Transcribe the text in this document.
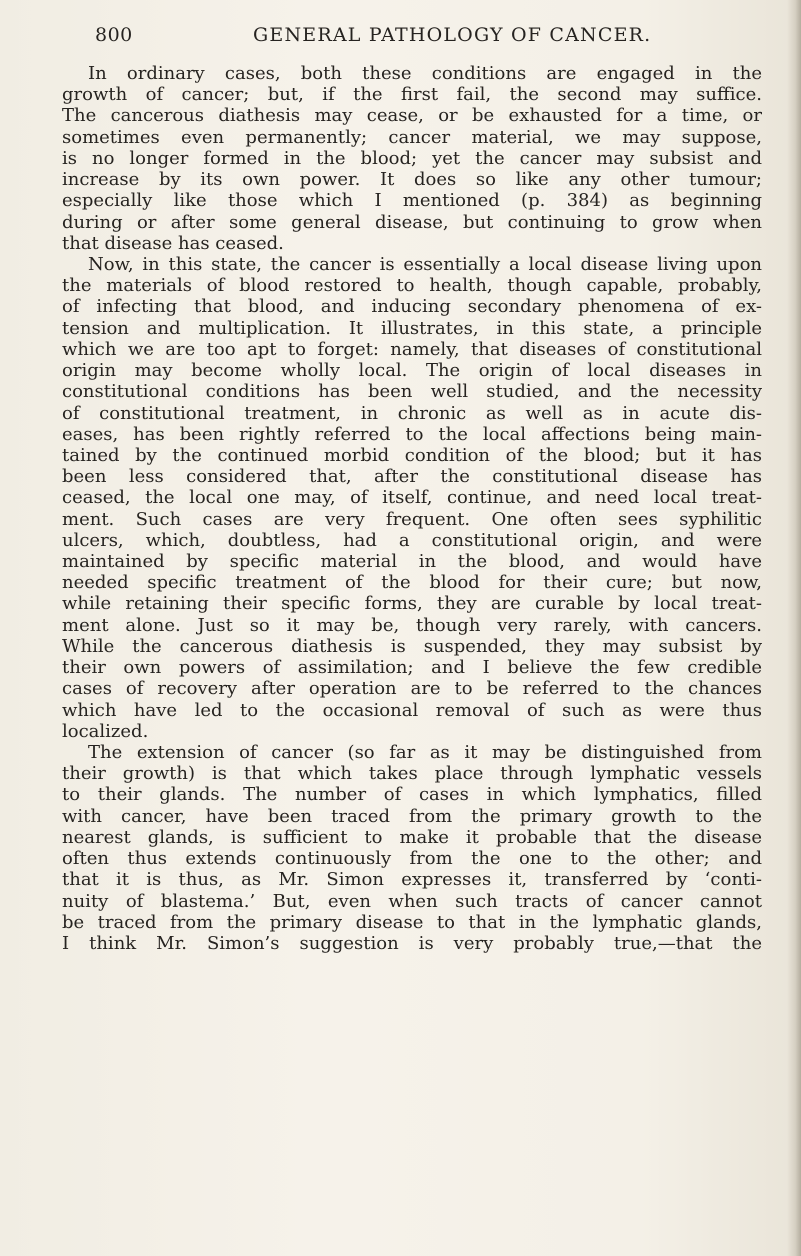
800	GENERAL PATHOLOGY OF CANCER.
In ordinary cases, both these conditions are engaged in the
growth of cancer; but, if the first fail, the second may suffice.
The cancerous diathesis may cease, or be exhausted for a time, or
sometimes even permanently; cancer material, we may suppose,
is no longer formed in the blood; yet the cancer may subsist and
increase by its own power. It does so like any other tumour;
especially like those which I mentioned (p. 384) as beginning
during or after some general disease, but continuing to grow when
that disease has ceased.
Now, in this state, the cancer is essentially a local disease living upon
the materials of blood restored to health, though capable, probably,
of infecting that blood, and inducing secondary phenomena of ex-
tension and multiplication. It illustrates, in this state, a principle
which we are too apt to forget: namely, that diseases of constitutional
origin may become wholly local. The origin of local diseases in
constitutional conditions has been well studied, and the necessity
of constitutional treatment, in chronic as well as in acute dis-
eases, has been rightly referred to the local affections being main-
tained by the continued morbid condition of the blood; but it has
been less considered that, after the constitutional disease has
ceased, the local one may, of itself, continue, and need local treat-
ment. Such cases are very frequent. One often sees syphilitic
ulcers, which, doubtless, had a constitutional origin, and were
maintained by specific material in the blood, and would have
needed specific treatment of the blood for their cure; but now,
while retaining their specific forms, they are curable by local treat-
ment alone. Just so it may be, though very rarely, with cancers.
While the cancerous diathesis is suspended, they may subsist by
their own powers of assimilation; and I believe the few credible
cases of recovery after operation are to be referred to the chances
which have led to the occasional removal of such as were thus
localized.
The extension of cancer (so far as it may be distinguished from
their growth) is that which takes place through lymphatic vessels
to their glands. The number of cases in which lymphatics, filled
with cancer, have been traced from the primary growth to the
nearest glands, is sufficient to make it probable that the disease
often thus extends continuously from the one to the other; and
that it is thus, as Mr. Simon expresses it, transferred by ‘conti-
nuity of blastema.’ But, even when such tracts of cancer cannot
be traced from the primary disease to that in the lymphatic glands,
I think Mr. Simon’s suggestion is very probably true,—that the
